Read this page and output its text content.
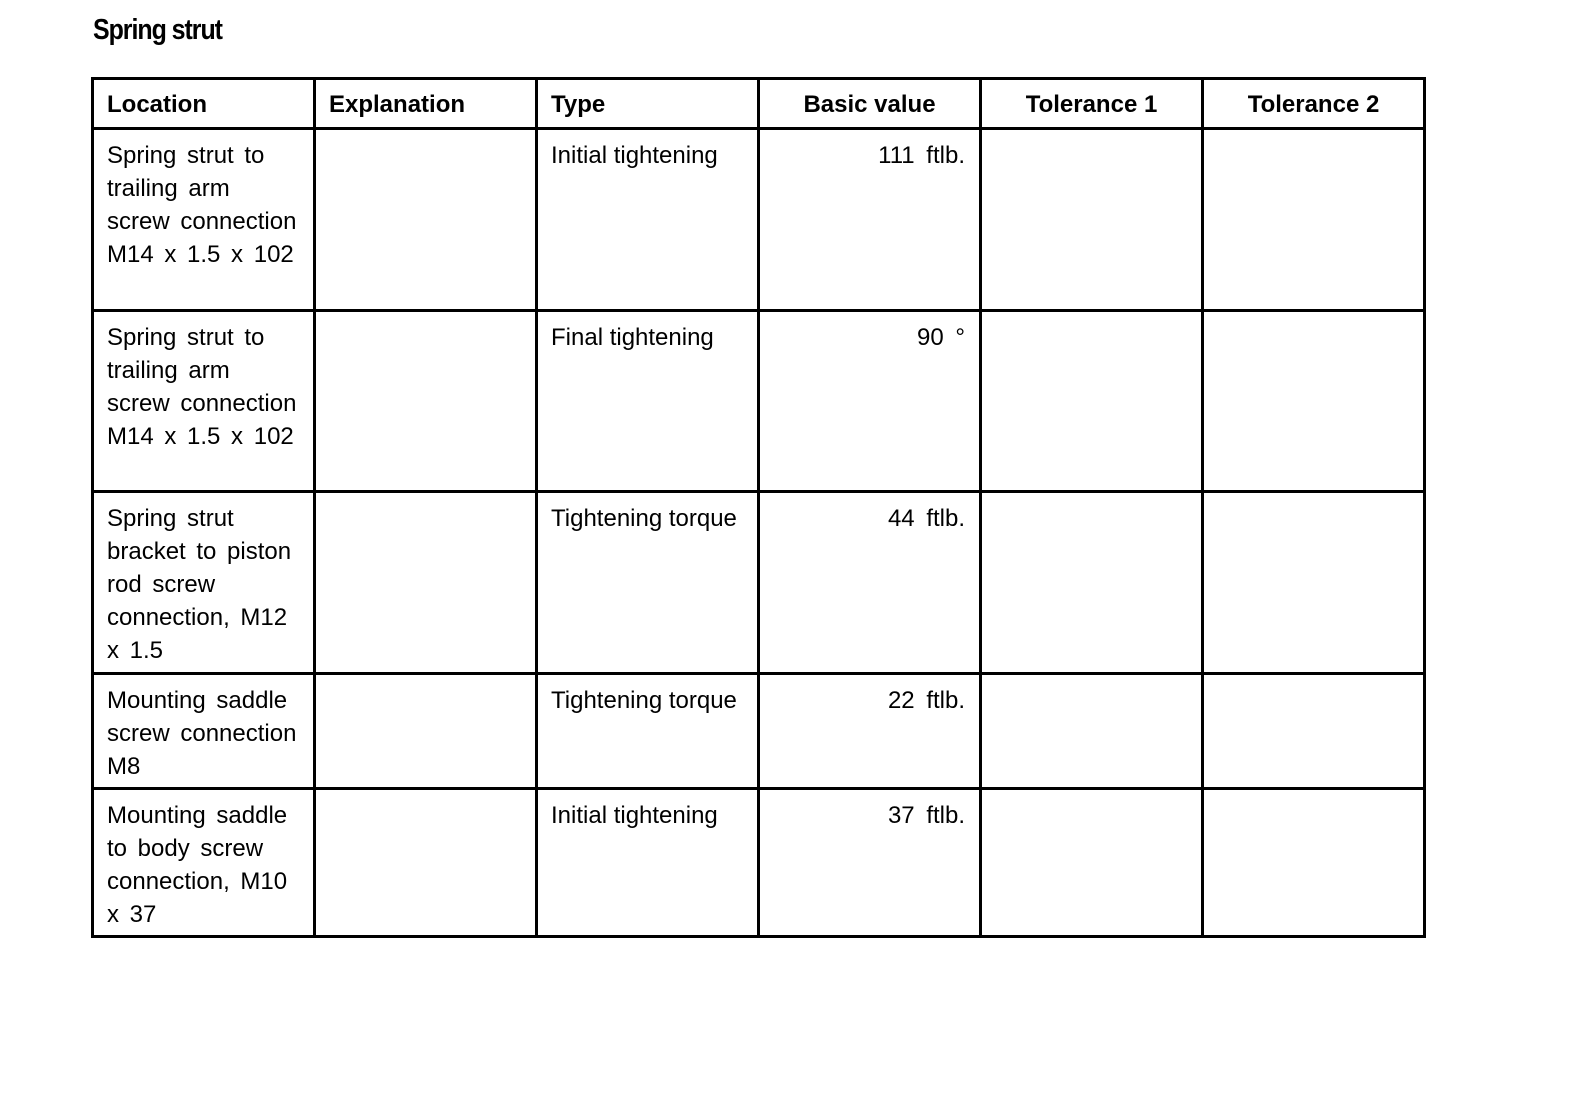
Spring strut
Location	Explanation	Type	Basic value	Tolerance 1	Tolerance 2
Spring strut to trailing arm screw connection M14 x 1.5 x 102		Initial tightening	111 ftlb.		
Spring strut to trailing arm screw connection M14 x 1.5 x 102		Final tightening	90 °		
Spring strut bracket to piston rod screw connection, M12 x 1.5		Tightening torque	44 ftlb.		
Mounting saddle screw connection M8		Tightening torque	22 ftlb.		
Mounting saddle to body screw connection, M10 x 37		Initial tightening	37 ftlb.		
